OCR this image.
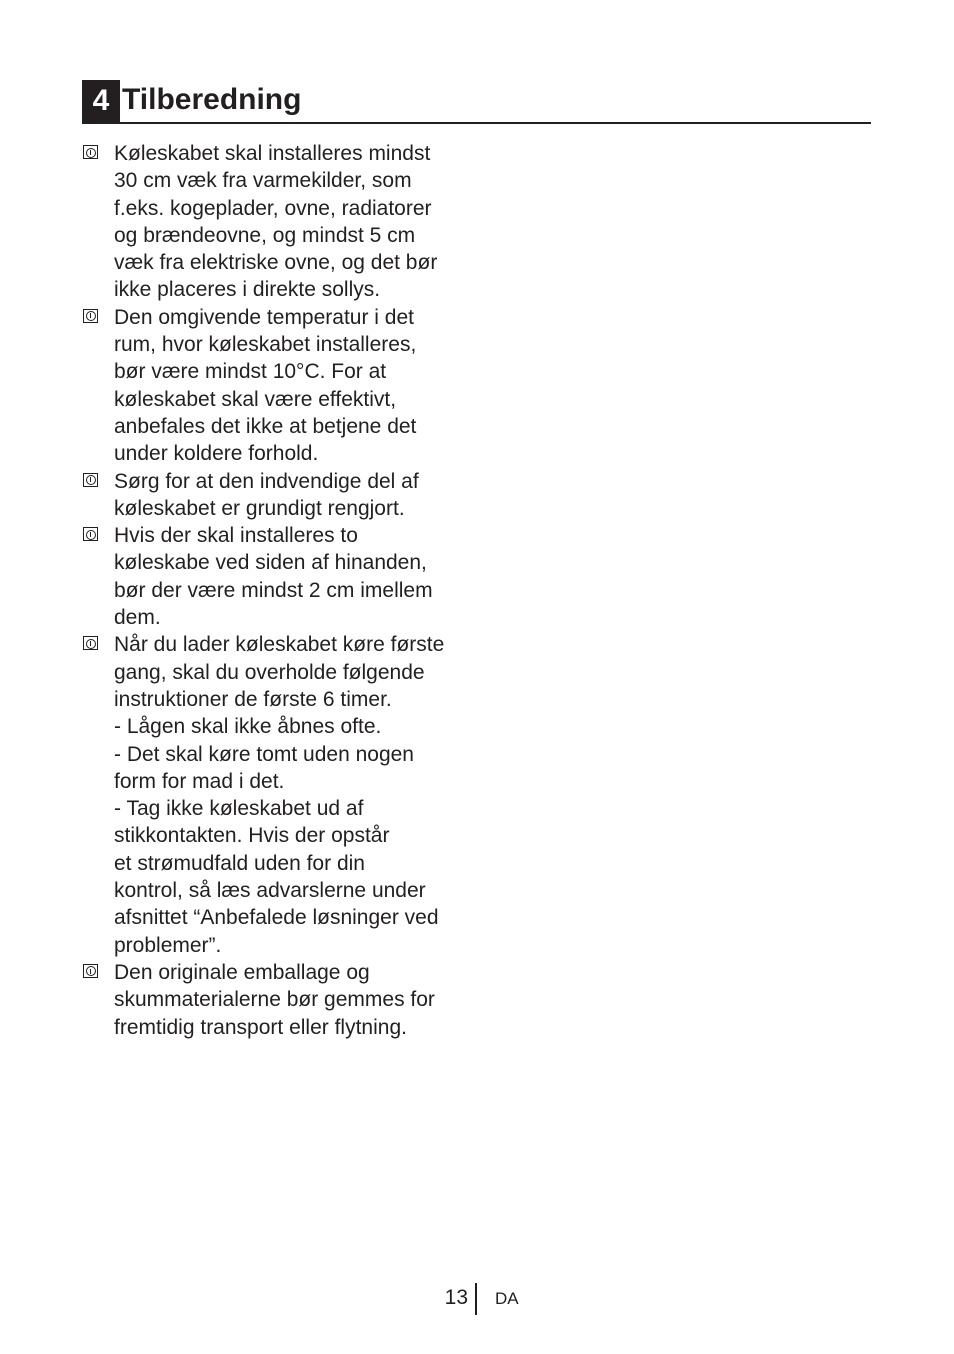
4 Tilberedning
Køleskabet skal installeres mindst
30 cm væk fra varmekilder, som
f.eks. kogeplader, ovne, radiatorer
og brændeovne, og mindst 5 cm
væk fra elektriske ovne, og det bør
ikke placeres i direkte sollys.
Den omgivende temperatur i det
rum, hvor køleskabet installeres,
bør være mindst 10°C. For at
køleskabet skal være effektivt,
anbefales det ikke at betjene det
under koldere forhold.
Sørg for at den indvendige del af
køleskabet er grundigt rengjort.
Hvis der skal installeres to
køleskabe ved siden af hinanden,
bør der være mindst 2 cm imellem
dem.
Når du lader køleskabet køre første
gang, skal du overholde følgende
instruktioner de første 6 timer.
- Lågen skal ikke åbnes ofte.
- Det skal køre tomt uden nogen
form for mad i det.
- Tag ikke køleskabet ud af
stikkontakten. Hvis der opstår
et strømudfald uden for din
kontrol, så læs advarslerne under
afsnittet “Anbefalede løsninger ved
problemer”.
Den originale emballage og
skummaterialerne bør gemmes for
fremtidig transport eller flytning.
13 DA
